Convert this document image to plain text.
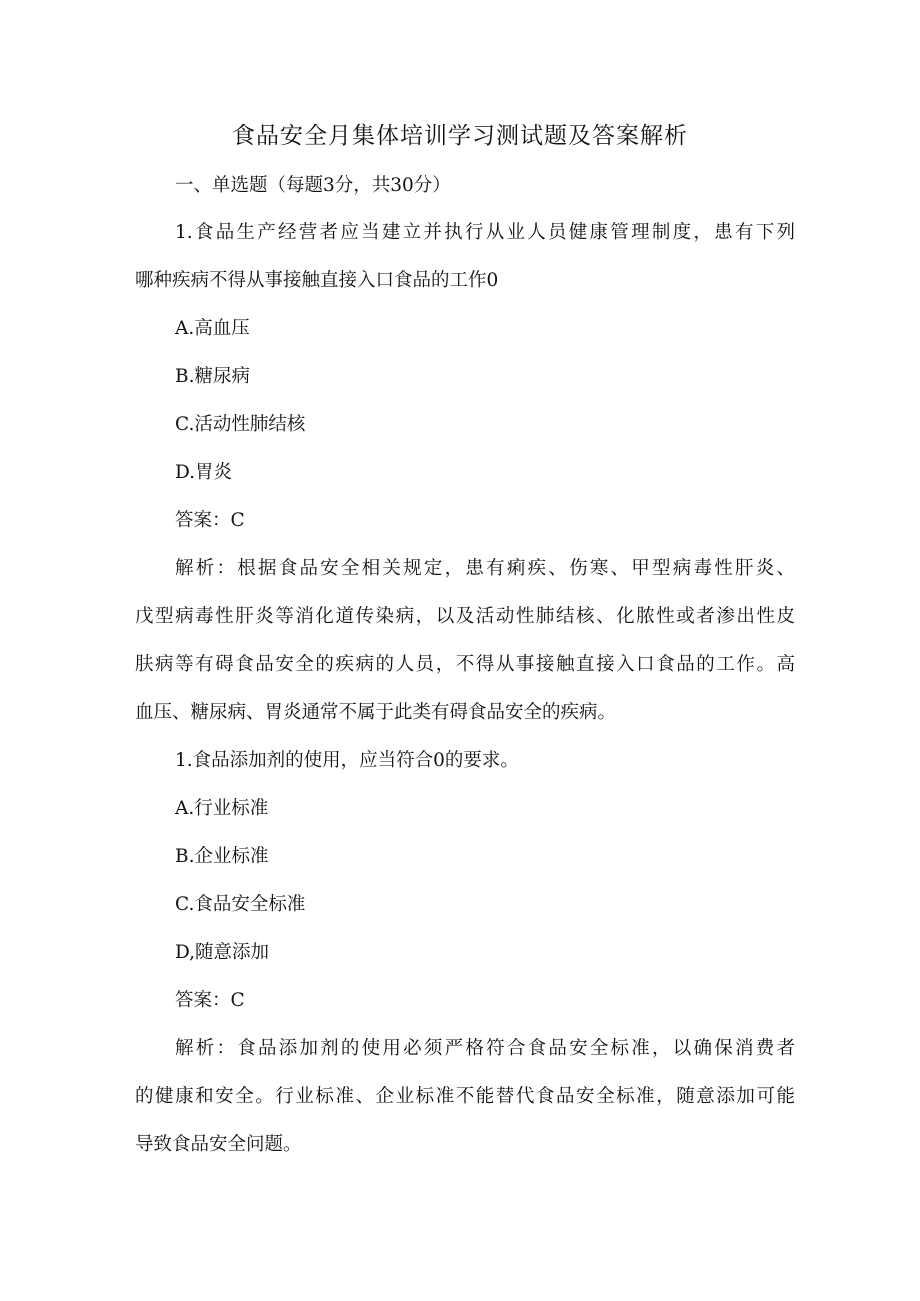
食品安全月集体培训学习测试题及答案解析
一、单选题（每题3分，共30分）
1.食品生产经营者应当建立并执行从业人员健康管理制度，患有下列
哪种疾病不得从事接触直接入口食品的工作0
A.高血压
B.糖尿病
C.活动性肺结核
D.胃炎
答案：C
解析：根据食品安全相关规定，患有痢疾、伤寒、甲型病毒性肝炎、
戊型病毒性肝炎等消化道传染病，以及活动性肺结核、化脓性或者渗出性皮
肤病等有碍食品安全的疾病的人员，不得从事接触直接入口食品的工作。高
血压、糖尿病、胃炎通常不属于此类有碍食品安全的疾病。
1.食品添加剂的使用，应当符合0的要求。
A.行业标准
B.企业标准
C.食品安全标准
D,随意添加
答案：C
解析：食品添加剂的使用必须严格符合食品安全标准，以确保消费者
的健康和安全。行业标准、企业标准不能替代食品安全标准，随意添加可能
导致食品安全问题。
